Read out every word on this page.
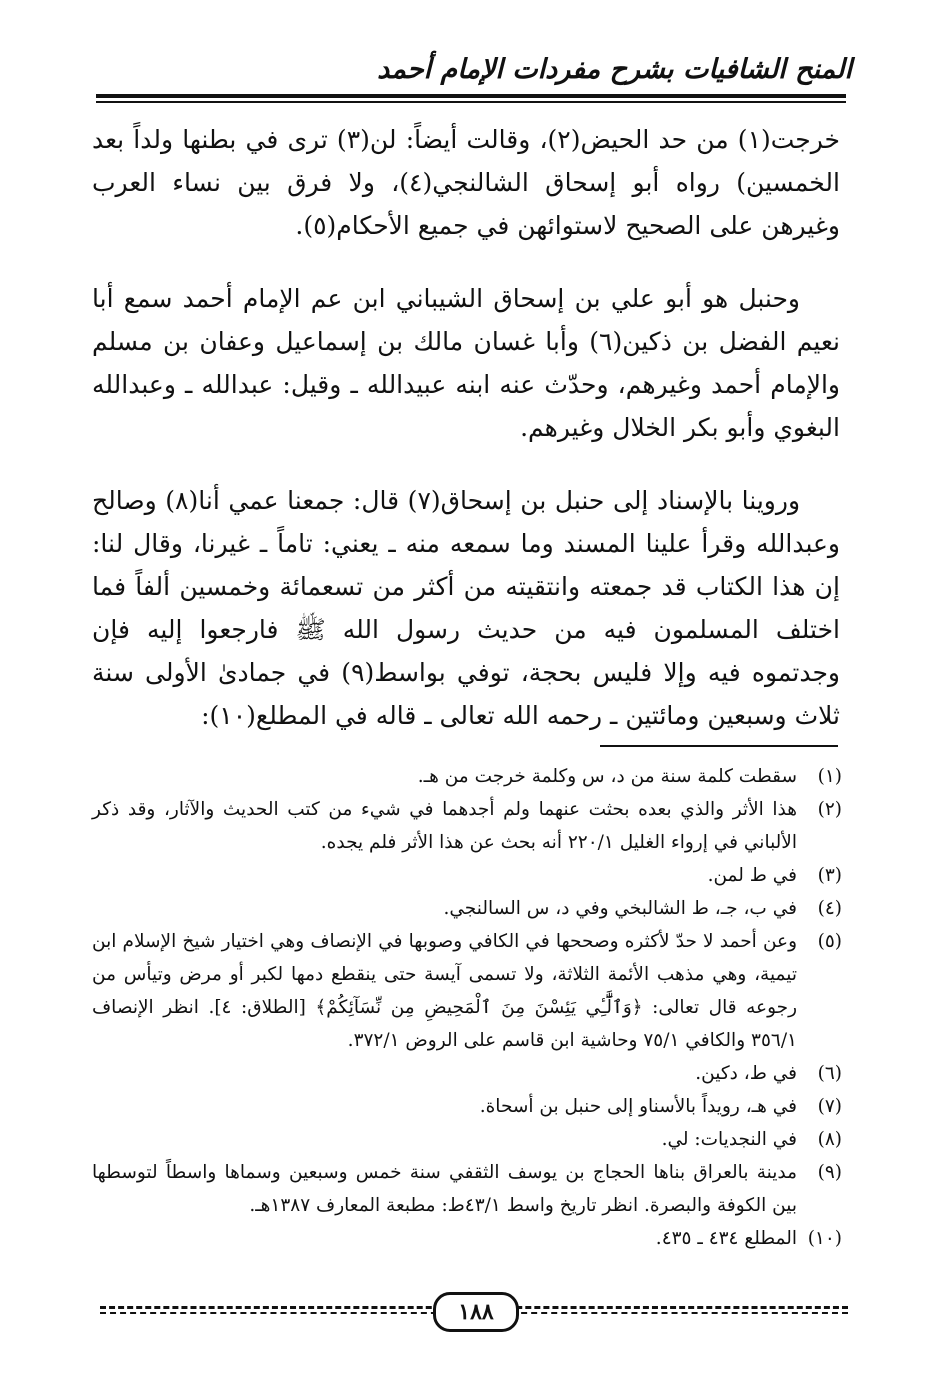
المنح الشافيات بشرح مفردات الإمام أحمد

خرجت(١) من حد الحيض(٢)، وقالت أيضاً: لن(٣) ترى في بطنها ولداً بعد الخمسين) رواه أبو إسحاق الشالنجي(٤)، ولا فرق بين نساء العرب وغيرهن على الصحيح لاستوائهن في جميع الأحكام(٥).

وحنبل هو أبو علي بن إسحاق الشيباني ابن عم الإمام أحمد سمع أبا نعيم الفضل بن ذكين(٦) وأبا غسان مالك بن إسماعيل وعفان بن مسلم والإمام أحمد وغيرهم، وحدّث عنه ابنه عبيدالله ـ وقيل: عبدالله ـ وعبدالله البغوي وأبو بكر الخلال وغيرهم.

وروينا بالإسناد إلى حنبل بن إسحاق(٧) قال: جمعنا عمي أنا(٨) وصالح وعبدالله وقرأ علينا المسند وما سمعه منه ـ يعني: تاماً ـ غيرنا، وقال لنا: إن هذا الكتاب قد جمعته وانتقيته من أكثر من تسعمائة وخمسين ألفاً فما اختلف المسلمون فيه من حديث رسول الله ﷺ فارجعوا إليه فإن وجدتموه فيه وإلا فليس بحجة، توفي بواسط(٩) في جمادىٰ الأولى سنة ثلاث وسبعين ومائتين ـ رحمه الله تعالى ـ قاله في المطلع(١٠):

(١)
سقطت كلمة سنة من د، س وكلمة خرجت من هـ.
(٢)
هذا الأثر والذي بعده بحثت عنهما ولم أجدهما في شيء من كتب الحديث والآثار، وقد ذكر الألباني في إرواء الغليل ٢٢٠/١ أنه بحث عن هذا الأثر فلم يجده.
(٣)
في ط لمن.
(٤)
في ب، جـ، ط الشالبخي وفي د، س السالنجي.
(٥)
وعن أحمد لا حدّ لأكثره وصححها في الكافي وصوبها في الإنصاف وهي اختيار شيخ الإسلام ابن تيمية، وهي مذهب الأئمة الثلاثة، ولا تسمى آيسة حتى ينقطع دمها لكبر أو مرض وتيأس من رجوعه قال تعالى: ﴿وَٱلَّٰٓـِٔي يَئِسْنَ مِنَ ٱلْمَحِيضِ مِن نِّسَآئِكُمْ﴾ [الطلاق: ٤]. انظر الإنصاف ٣٥٦/١ والكافي ٧٥/١ وحاشية ابن قاسم على الروض ٣٧٢/١.
(٦)
في ط، دكين.
(٧)
في هـ، رويداً بالأسناو إلى حنبل بن أسحاة.
(٨)
في النجديات: لي.
(٩)
مدينة بالعراق بناها الحجاج بن يوسف الثقفي سنة خمس وسبعين وسماها واسطاً لتوسطها بين الكوفة والبصرة. انظر تاريخ واسط ٤٣/١ط: مطبعة المعارف ١٣٨٧هـ.
(١٠)
المطلع ٤٣٤ ـ ٤٣٥.
١٨٨
